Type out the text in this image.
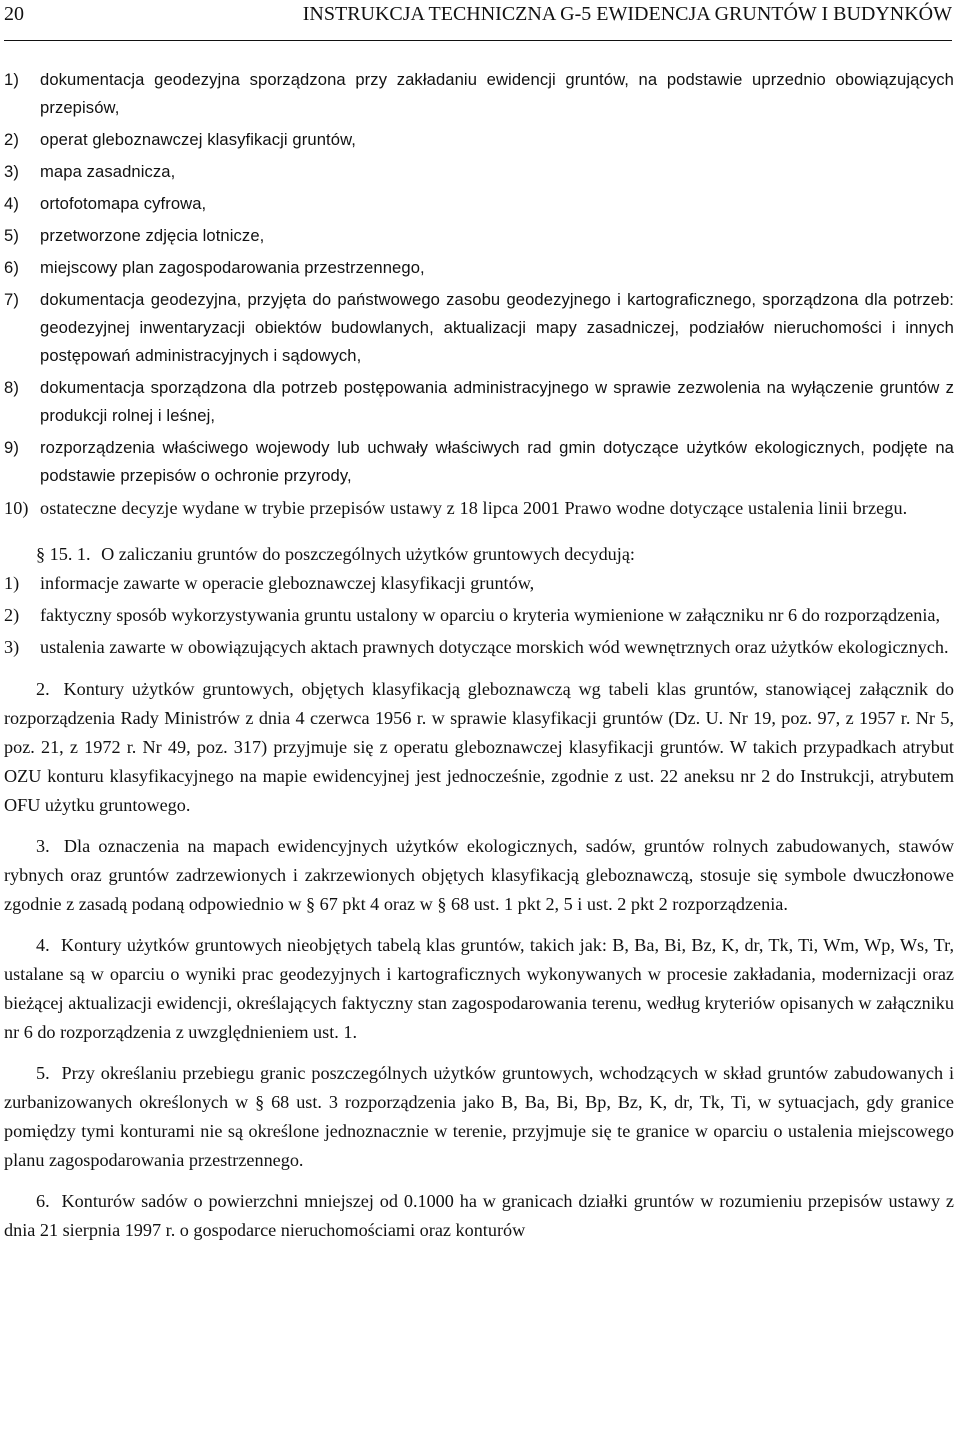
20	INSTRUKCJA TECHNICZNA G-5 EWIDENCJA GRUNTÓW I BUDYNKÓW
1) dokumentacja geodezyjna sporządzona przy zakładaniu ewidencji gruntów, na podstawie uprzednio obowiązujących przepisów,
2) operat gleboznawczej klasyfikacji gruntów,
3) mapa zasadnicza,
4) ortofotomapa cyfrowa,
5) przetworzone zdjęcia lotnicze,
6) miejscowy plan zagospodarowania przestrzennego,
7) dokumentacja geodezyjna, przyjęta do państwowego zasobu geodezyjnego i kartograficznego, sporządzona dla potrzeb: geodezyjnej inwentaryzacji obiektów budowlanych, aktualizacji mapy zasadniczej, podziałów nieruchomości i innych postępowań administracyjnych i sądowych,
8) dokumentacja sporządzona dla potrzeb postępowania administracyjnego w sprawie zezwolenia na wyłączenie gruntów z produkcji rolnej i leśnej,
9) rozporządzenia właściwego wojewody lub uchwały właściwych rad gmin dotyczące użytków ekologicznych, podjęte na podstawie przepisów o ochronie przyrody,
10) ostateczne decyzje wydane w trybie przepisów ustawy z 18 lipca 2001 Prawo wodne dotyczące ustalenia linii brzegu.

§ 15. 1. O zaliczaniu gruntów do poszczególnych użytków gruntowych decydują:

1) informacje zawarte w operacie gleboznawczej klasyfikacji gruntów,
2) faktyczny sposób wykorzystywania gruntu ustalony w oparciu o kryteria wymienione w załączniku nr 6 do rozporządzenia,
3) ustalenia zawarte w obowiązujących aktach prawnych dotyczące morskich wód wewnętrznych oraz użytków ekologicznych.

2. Kontury użytków gruntowych, objętych klasyfikacją gleboznawczą wg tabeli klas gruntów, stanowiącej załącznik do rozporządzenia Rady Ministrów z dnia 4 czerwca 1956 r. w sprawie klasyfikacji gruntów (Dz. U. Nr 19, poz. 97, z 1957 r. Nr 5, poz. 21, z 1972 r. Nr 49, poz. 317) przyjmuje się z operatu gleboznawczej klasyfikacji gruntów. W takich przypadkach atrybut OZU konturu klasyfikacyjnego na mapie ewidencyjnej jest jednocześnie, zgodnie z ust. 22 aneksu nr 2 do Instrukcji, atrybutem OFU użytku gruntowego.

3. Dla oznaczenia na mapach ewidencyjnych użytków ekologicznych, sadów, gruntów rolnych zabudowanych, stawów rybnych oraz gruntów zadrzewionych i zakrzewionych objętych klasyfikacją gleboznawczą, stosuje się symbole dwuczłonowe zgodnie z zasadą podaną odpowiednio w § 67 pkt 4 oraz w § 68 ust. 1 pkt 2, 5 i ust. 2 pkt 2 rozporządzenia.

4. Kontury użytków gruntowych nieobjętych tabelą klas gruntów, takich jak: B, Ba, Bi, Bz, K, dr, Tk, Ti, Wm, Wp, Ws, Tr, ustalane są w oparciu o wyniki prac geodezyjnych i kartograficznych wykonywanych w procesie zakładania, modernizacji oraz bieżącej aktualizacji ewidencji, określających faktyczny stan zagospodarowania terenu, według kryteriów opisanych w załączniku nr 6 do rozporządzenia z uwzględnieniem ust. 1.

5. Przy określaniu przebiegu granic poszczególnych użytków gruntowych, wchodzących w skład gruntów zabudowanych i zurbanizowanych określonych w § 68 ust. 3 rozporządzenia jako B, Ba, Bi, Bp, Bz, K, dr, Tk, Ti, w sytuacjach, gdy granice pomiędzy tymi konturami nie są określone jednoznacznie w terenie, przyjmuje się te granice w oparciu o ustalenia miejscowego planu zagospodarowania przestrzennego.

6. Konturów sadów o powierzchni mniejszej od 0.1000 ha w granicach działki gruntów w rozumieniu przepisów ustawy z dnia 21 sierpnia 1997 r. o gospodarce nieruchomościami oraz konturów
